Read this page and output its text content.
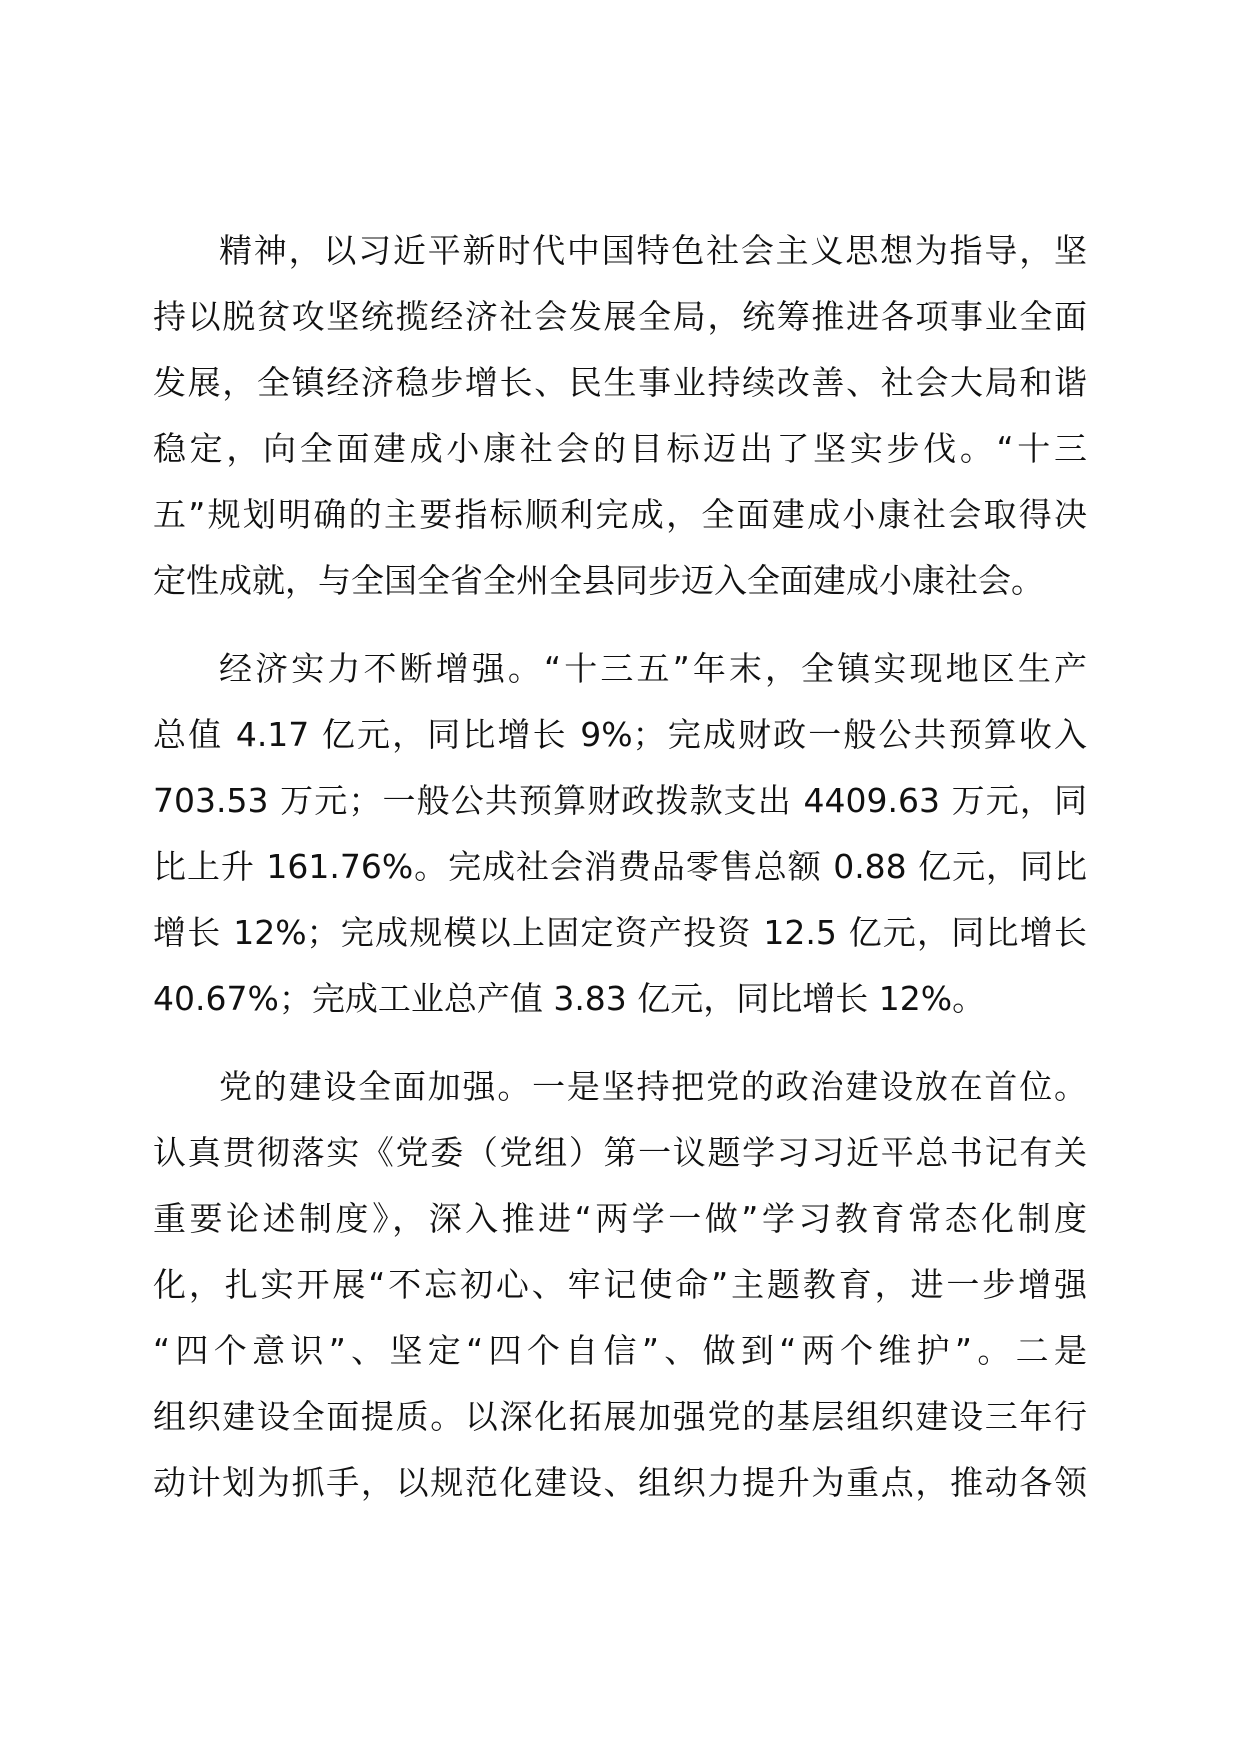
精神，以习近平新时代中国特色社会主义思想为指导，坚
持以脱贫攻坚统揽经济社会发展全局，统筹推进各项事业全面
发展，全镇经济稳步增长、民生事业持续改善、社会大局和谐
稳定，向全面建成小康社会的目标迈出了坚实步伐。“十三
五”规划明确的主要指标顺利完成，全面建成小康社会取得决
定性成就，与全国全省全州全县同步迈入全面建成小康社会。
经济实力不断增强。“十三五”年末，全镇实现地区生产
总值 4.17 亿元，同比增长 9%；完成财政一般公共预算收入
703.53 万元；一般公共预算财政拨款支出 4409.63 万元，同
比上升 161.76%。完成社会消费品零售总额 0.88 亿元，同比
增长 12%；完成规模以上固定资产投资 12.5 亿元，同比增长
40.67%；完成工业总产值 3.83 亿元，同比增长 12%。
党的建设全面加强。一是坚持把党的政治建设放在首位。
认真贯彻落实《党委（党组）第一议题学习习近平总书记有关
重要论述制度》，深入推进“两学一做”学习教育常态化制度
化，扎实开展“不忘初心、牢记使命”主题教育，进一步增强
“四个意识”、坚定“四个自信”、做到“两个维护”。二是
组织建设全面提质。以深化拓展加强党的基层组织建设三年行
动计划为抓手，以规范化建设、组织力提升为重点，推动各领
